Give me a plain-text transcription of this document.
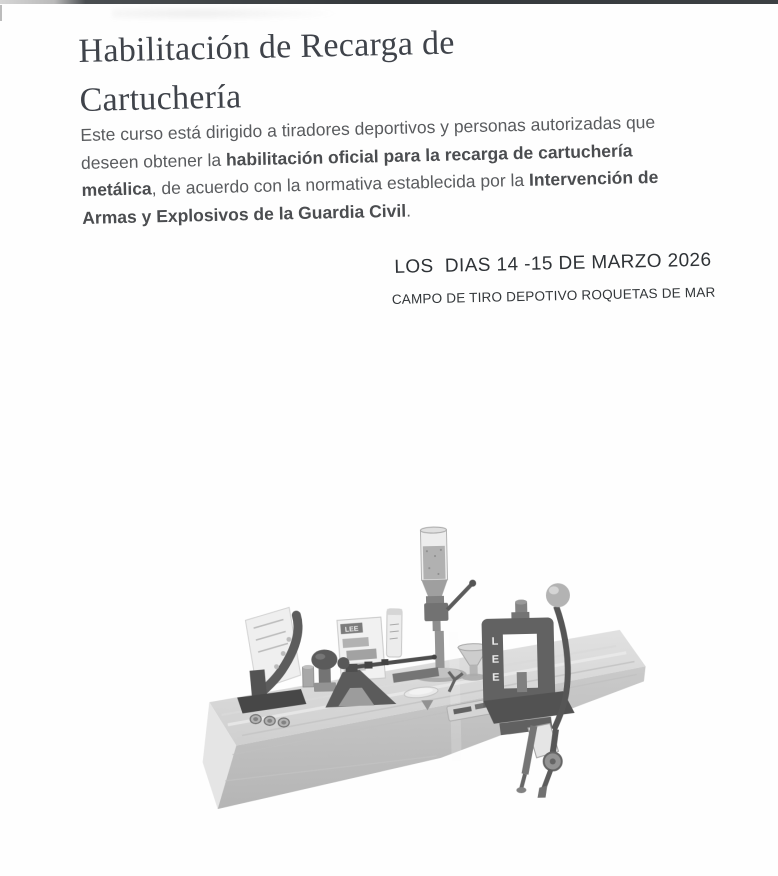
Habilitación de Recarga de
Cartuchería
Este curso está dirigido a tiradores deportivos y personas autorizadas que
deseen obtener la habilitación oficial para la recarga de cartuchería
metálica, de acuerdo con la normativa establecida por la Intervención de
Armas y Explosivos de la Guardia Civil.
LOS  DIAS 14 -15 DE MARZO 2026
CAMPO DE TIRO DEPOTIVO ROQUETAS DE MAR
LEE
L
E
E
